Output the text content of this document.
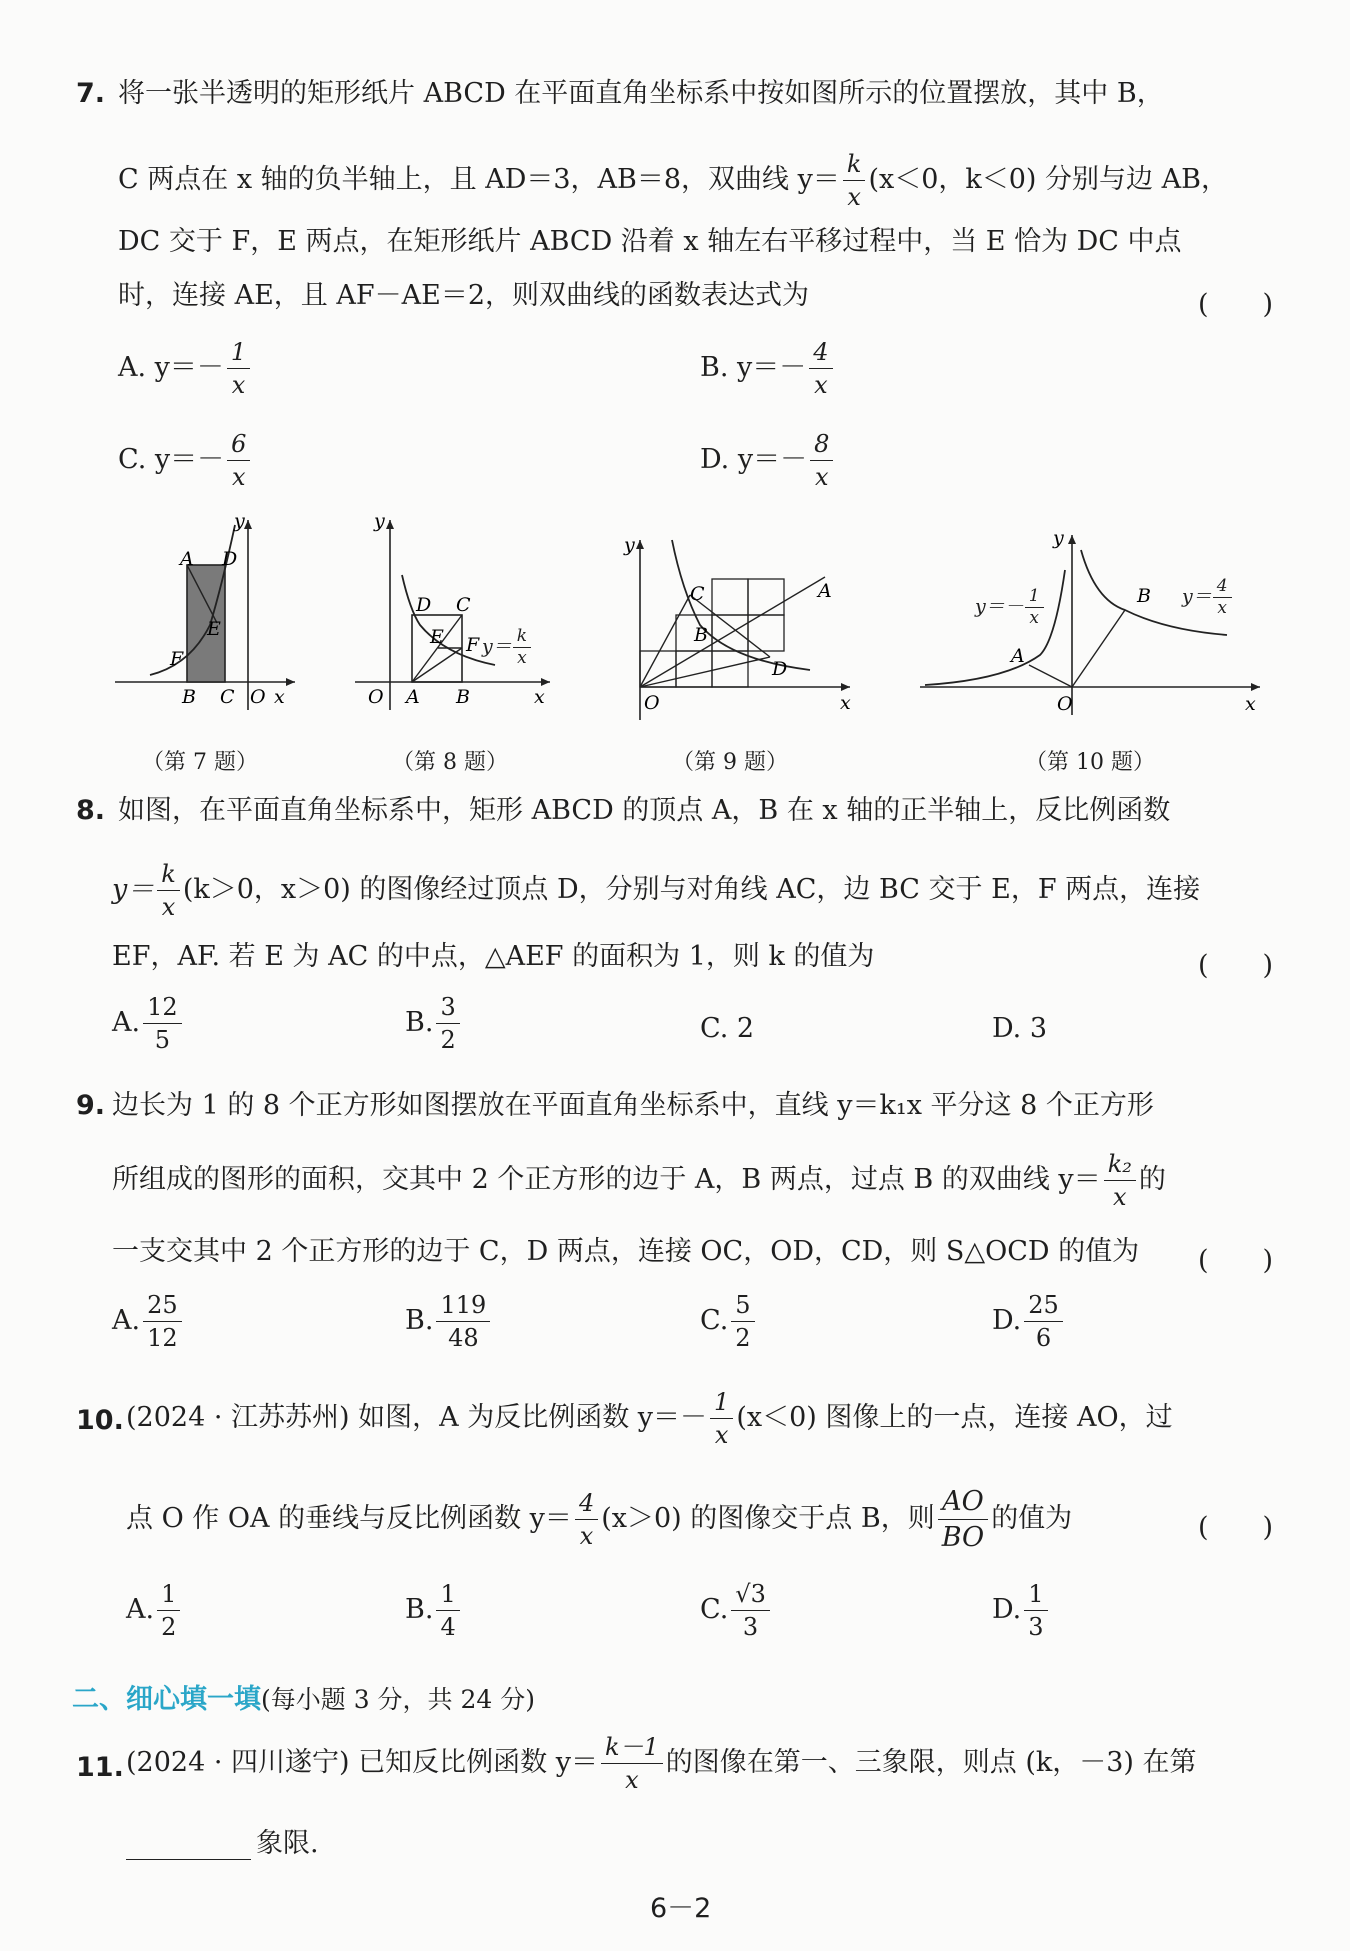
7. 将一张半透明的矩形纸片 ABCD 在平面直角坐标系中按如图所示的位置摆放，其中 B，
C 两点在 x 轴的负半轴上，且 AD＝3，AB＝8，双曲线 $y= \frac{k}{x} (x<0$，k＜0) 分别与边 AB，
DC 交于 F，E 两点，在矩形纸片 ABCD 沿着 x 轴左右平移过程中，当 E 恰为 DC 中点
时，连接 AE，且 AF－AE＝2，则双曲线的函数表达式为	(　　)
A. $y=- \frac{1}{x}$	B. $y=- \frac{4}{x}$
C. $y=- \frac{6}{x}$	D. $y=- \frac{8}{x}$
A D
E
F
B C O x
y
D C
E F
O A B	x
y
$y= \frac{k}{x}$
C
B
D
A
O	x
y
A
B
O	x
y
$y=- \frac{1}{x}$	$y= \frac{4}{x}$
（第 7 题）	（第 8 题）	（第 9 题）	（第 10 题）
8. 如图，在平面直角坐标系中，矩形 ABCD 的顶点 A，B 在 x 轴的正半轴上，反比例函数
$y= \frac{k}{x} (k>0$，x＞0) 的图像经过顶点 D，分别与对角线 AC，边 BC 交于 E，F 两点，连接
EF，AF. 若 E 为 AC 的中点，△AEF 的面积为 1，则 k 的值为	(　　)
A. $\frac{12}{5}$	B. $\frac{3}{2}$	C. 2	D. 3
9. 边长为 1 的 8 个正方形如图摆放在平面直角坐标系中，直线 y＝k₁x 平分这 8 个正方形
所组成的图形的面积，交其中 2 个正方形的边于 A，B 两点，过点 B 的双曲线 $y= \frac{\text{k₂}}{x}$ 的
一支交其中 2 个正方形的边于 C，D 两点，连接 OC，OD，CD，则 S△OCD 的值为 (　　)
A. $\frac{25}{12}$	B. $\frac{119}{48}$	C. $\frac{5}{2}$	D. $\frac{25}{6}$
10. (2024 · 江苏苏州) 如图，A 为反比例函数 $y=- \frac{1}{x} (x<0)$ 图像上的一点，连接 AO，过
点 O 作 OA 的垂线与反比例函数 $y= \frac{4}{x} (x>0)$ 的图像交于点 B，则 $\frac{AO}{BO}$ 的值为	(　　)
A. $\frac{1}{2}$	B. $\frac{1}{4}$	C. $\frac{√3}{3}$	D. $\frac{1}{3}$
二、细心填一填(每小题 3 分，共 24 分)
11. (2024 · 四川遂宁) 已知反比例函数 $y= \frac{k-1}{x}$ 的图像在第一、三象限，则点 (k，－3) 在第
象限.
6－2
